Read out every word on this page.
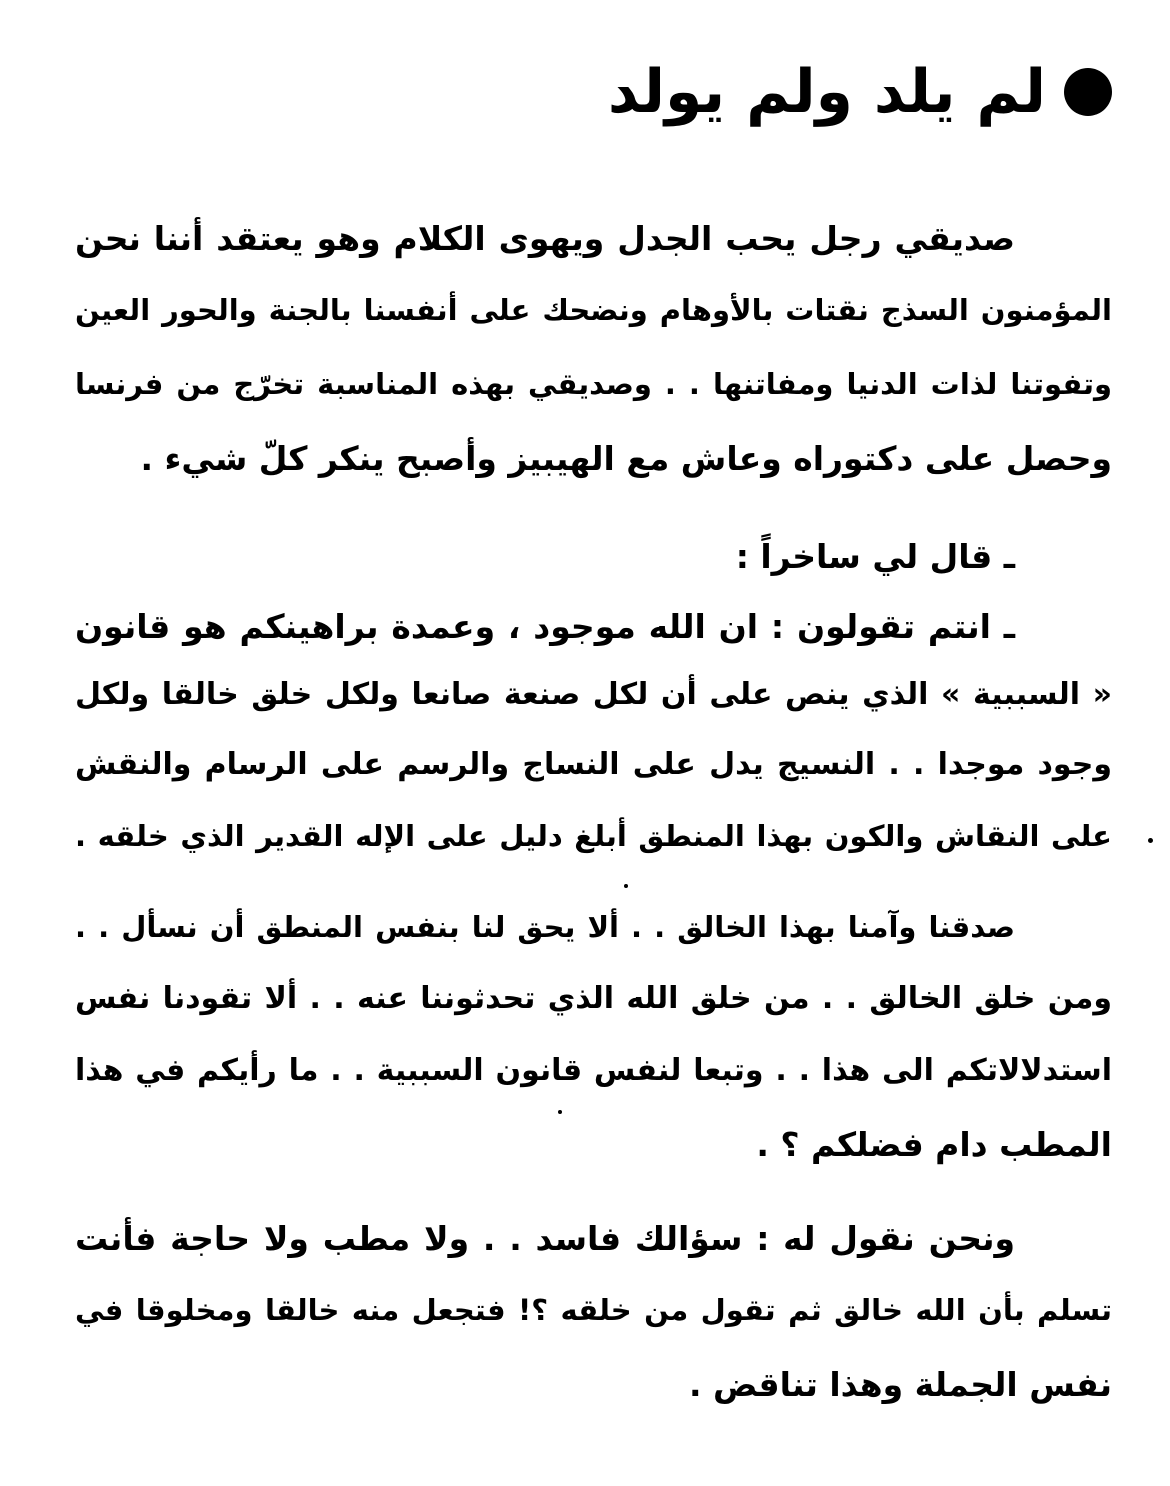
لم يلد ولم يولد
صديقي رجل يحب الجدل ويهوى الكلام وهو يعتقد أننا نحن
المؤمنون السذج نقتات بالأوهام ونضحك على أنفسنا بالجنة والحور العين
وتفوتنا لذات الدنيا ومفاتنها . . وصديقي بهذه المناسبة تخرّج من فرنسا
وحصل على دكتوراه وعاش مع الهيبيز وأصبح ينكر كلّ شيء .
ـ قال لي ساخراً :
ـ انتم تقولون : ان الله موجود ، وعمدة براهينكم هو قانون
« السببية » الذي ينص على أن لكل صنعة صانعا ولكل خلق خالقا ولكل
وجود موجدا . . النسيج يدل على النساج والرسم على الرسام والنقش
على النقاش والكون بهذا المنطق أبلغ دليل على الإله القدير الذي خلقه .
صدقنا وآمنا بهذا الخالق . . ألا يحق لنا بنفس المنطق أن نسأل . .
ومن خلق الخالق . . من خلق الله الذي تحدثوننا عنه . . ألا تقودنا نفس
استدلالاتكم الى هذا . . وتبعا لنفس قانون السببية . . ما رأيكم في هذا
المطب دام فضلكم ؟ .
ونحن نقول له : سؤالك فاسد . . ولا مطب ولا حاجة فأنت
تسلم بأن الله خالق ثم تقول من خلقه ؟! فتجعل منه خالقا ومخلوقا في
نفس الجملة وهذا تناقض .
